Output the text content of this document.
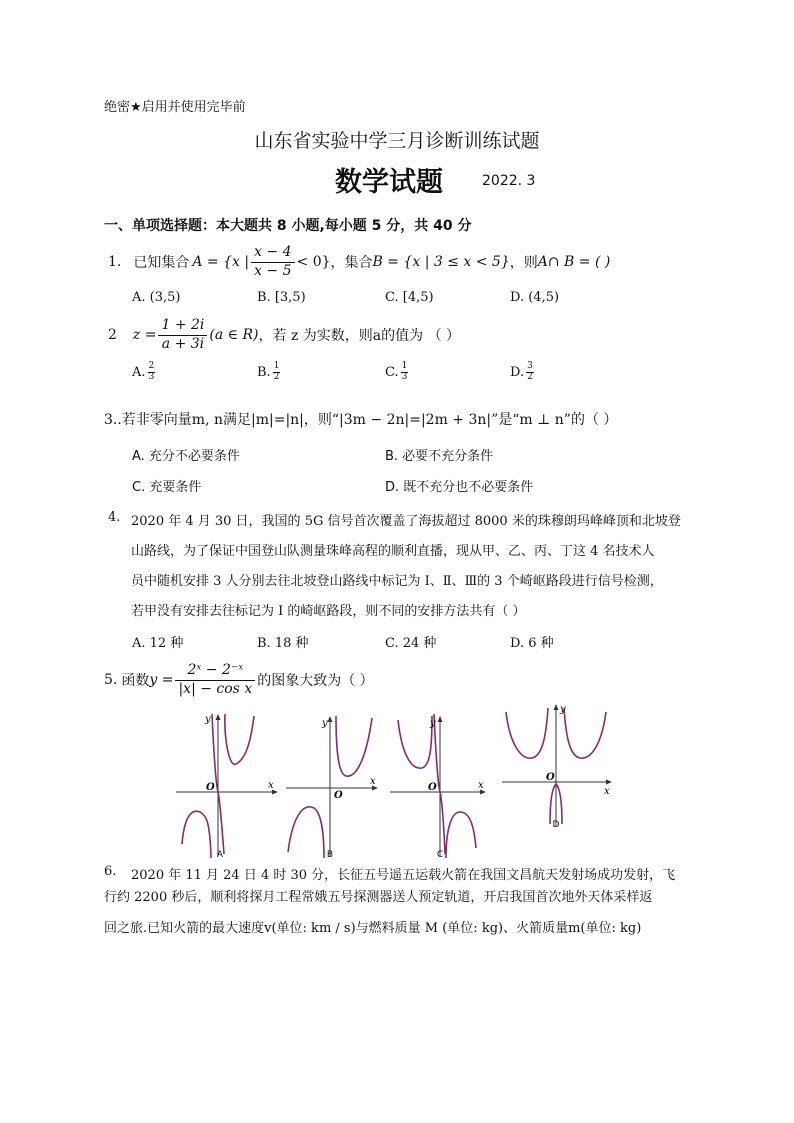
绝密★启用并使用完毕前
山东省实验中学三月诊断训练试题
数学试题	2022. 3
一、单项选择题：本大题共 8 小题,每小题 5 分，共 40 分
1. 已知集合 A = {x | $\frac{x - 4}{x - 5} < 0$} ，集合 B = {x | 3 ≤ x < 5} ，则 A∩ B = ( )
A. (3,5)	B. [3,5)	C. [4,5)	D. (4,5)
2 $z = \frac{1 + 2i}{a + 3i} (a$ ∈ R) ，若 z 为实数，则a的值为 （ ）
A. $\frac{2}{3}$	B. $\frac{1}{2}$	C. $\frac{1}{3}$	D. $\frac{3}{2}$
3..若非零向量m, n满足|m|=|n|，则“|3m − 2n|=|2m + 3n|”是“m ⊥ n”的（ ）
A. 充分不必要条件	B. 必要不充分条件
C. 充要条件	D. 既不充分也不必要条件
4. 2020 年 4 月 30 日，我国的 5G 信号首次覆盖了海拔超过 8000 米的珠穆朗玛峰峰顶和北坡登
山路线，为了保证中国登山队测量珠峰高程的顺利直播，现从甲、乙、丙、丁这 4 名技术人
员中随机安排 3 人分别去往北坡登山路线中标记为 Ⅰ、Ⅱ、Ⅲ的 3 个崎岖路段进行信号检测，
若甲没有安排去往标记为 Ⅰ 的崎岖路段，则不同的安排方法共有（ ）
A. 12 种	B. 18 种	C. 24 种	D. 6 种
5. 函数 $y = \frac{\text{2ˣ − 2⁻ˣ}}{\text{|x| − cos x}}$ 的图象大致为（ ）
y
x
O
A
y
x
O
B
y
x
O
C
y
x
O
D
6. 2020 年 11 月 24 日 4 时 30 分，长征五号遥五运载火箭在我国文昌航天发射场成功发射，飞
行约 2200 秒后，顺利将探月工程常娥五号探测器送人预定轨道，开启我国首次地外天体采样返
回之旅.已知火箭的最大速度v(单位: km / s)与燃料质量 M (单位: kg)、火箭质量m(单位: kg)
